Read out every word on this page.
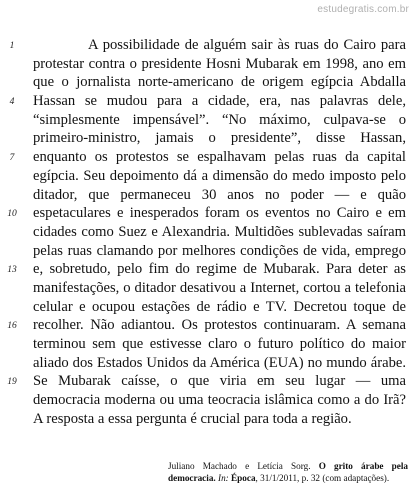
estudegratis.com.br
1	A possibilidade de alguém sair às ruas do Cairo para
protestar contra o presidente Hosni Mubarak em 1998, ano em
que o jornalista norte-americano de origem egípcia Abdalla
4	Hassan se mudou para a cidade, era, nas palavras dele,
“simplesmente impensável”. “No máximo, culpava-se o
primeiro-ministro, jamais o presidente”, disse Hassan,
7	enquanto os protestos se espalhavam pelas ruas da capital
egípcia. Seu depoimento dá a dimensão do medo imposto pelo
ditador, que permaneceu 30 anos no poder — e quão
10 espetaculares e inesperados foram os eventos no Cairo e em
cidades como Suez e Alexandria. Multidões sublevadas saíram
pelas ruas clamando por melhores condições de vida, emprego
13 e, sobretudo, pelo fim do regime de Mubarak. Para deter as
manifestações, o ditador desativou a Internet, cortou a telefonia
celular e ocupou estações de rádio e TV. Decretou toque de
16 recolher. Não adiantou. Os protestos continuaram. A semana
terminou sem que estivesse claro o futuro político do maior
aliado dos Estados Unidos da América (EUA) no mundo árabe.
19 Se Mubarak caísse, o que viria em seu lugar — uma
democracia moderna ou uma teocracia islâmica como a do Irã?
A resposta a essa pergunta é crucial para toda a região.
Juliano Machado e Letícia Sorg. O grito árabe pela democracia. In: Época, 31/1/2011, p. 32 (com adaptações).
